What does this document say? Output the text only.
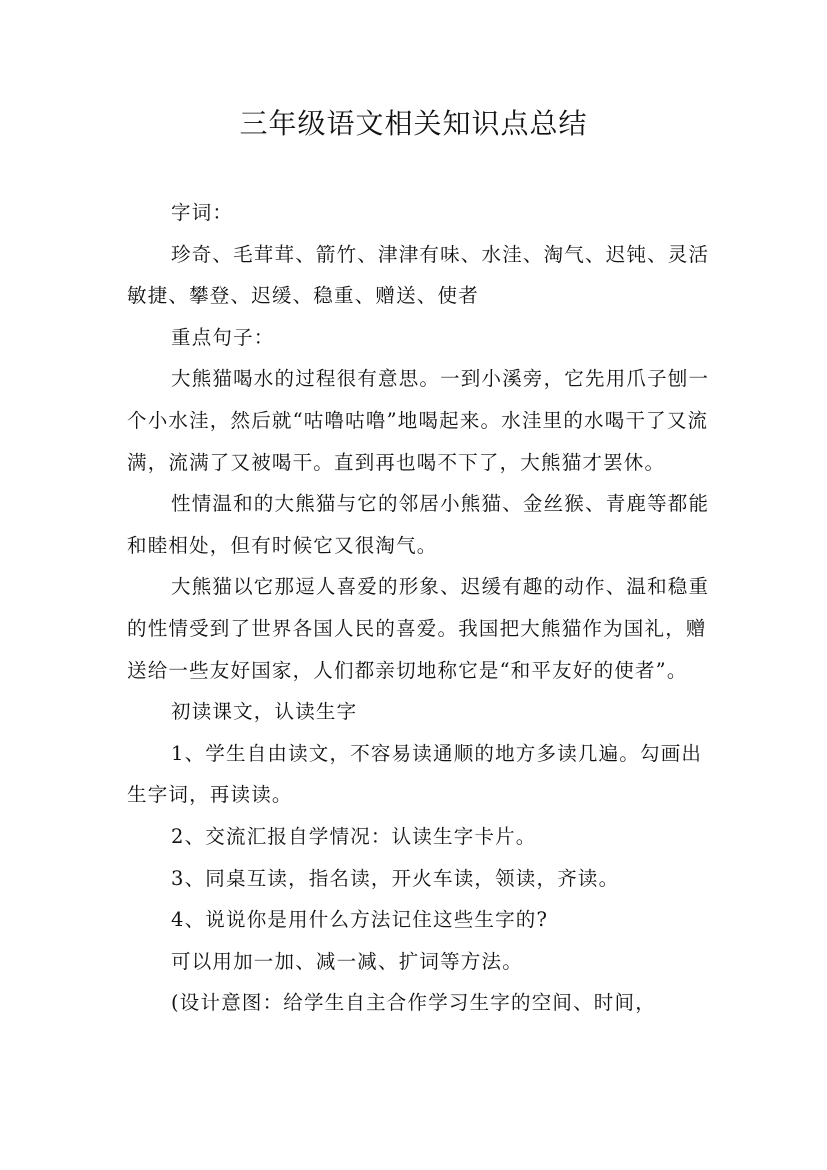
三年级语文相关知识点总结

字词：

珍奇、毛茸茸、箭竹、津津有味、水洼、淘气、迟钝、灵活敏捷、攀登、迟缓、稳重、赠送、使者

重点句子：

大熊猫喝水的过程很有意思。一到小溪旁，它先用爪子刨一个小水洼，然后就“咕噜咕噜”地喝起来。水洼里的水喝干了又流满，流满了又被喝干。直到再也喝不下了，大熊猫才罢休。

性情温和的大熊猫与它的邻居小熊猫、金丝猴、青鹿等都能和睦相处，但有时候它又很淘气。

大熊猫以它那逗人喜爱的形象、迟缓有趣的动作、温和稳重的性情受到了世界各国人民的喜爱。我国把大熊猫作为国礼，赠送给一些友好国家，人们都亲切地称它是“和平友好的使者”。

初读课文，认读生字

1、学生自由读文，不容易读通顺的地方多读几遍。勾画出生字词，再读读。

2、交流汇报自学情况：认读生字卡片。

3、同桌互读，指名读，开火车读，领读，齐读。

4、说说你是用什么方法记住这些生字的?

可以用加一加、减一减、扩词等方法。

(设计意图：给学生自主合作学习生字的空间、时间，
